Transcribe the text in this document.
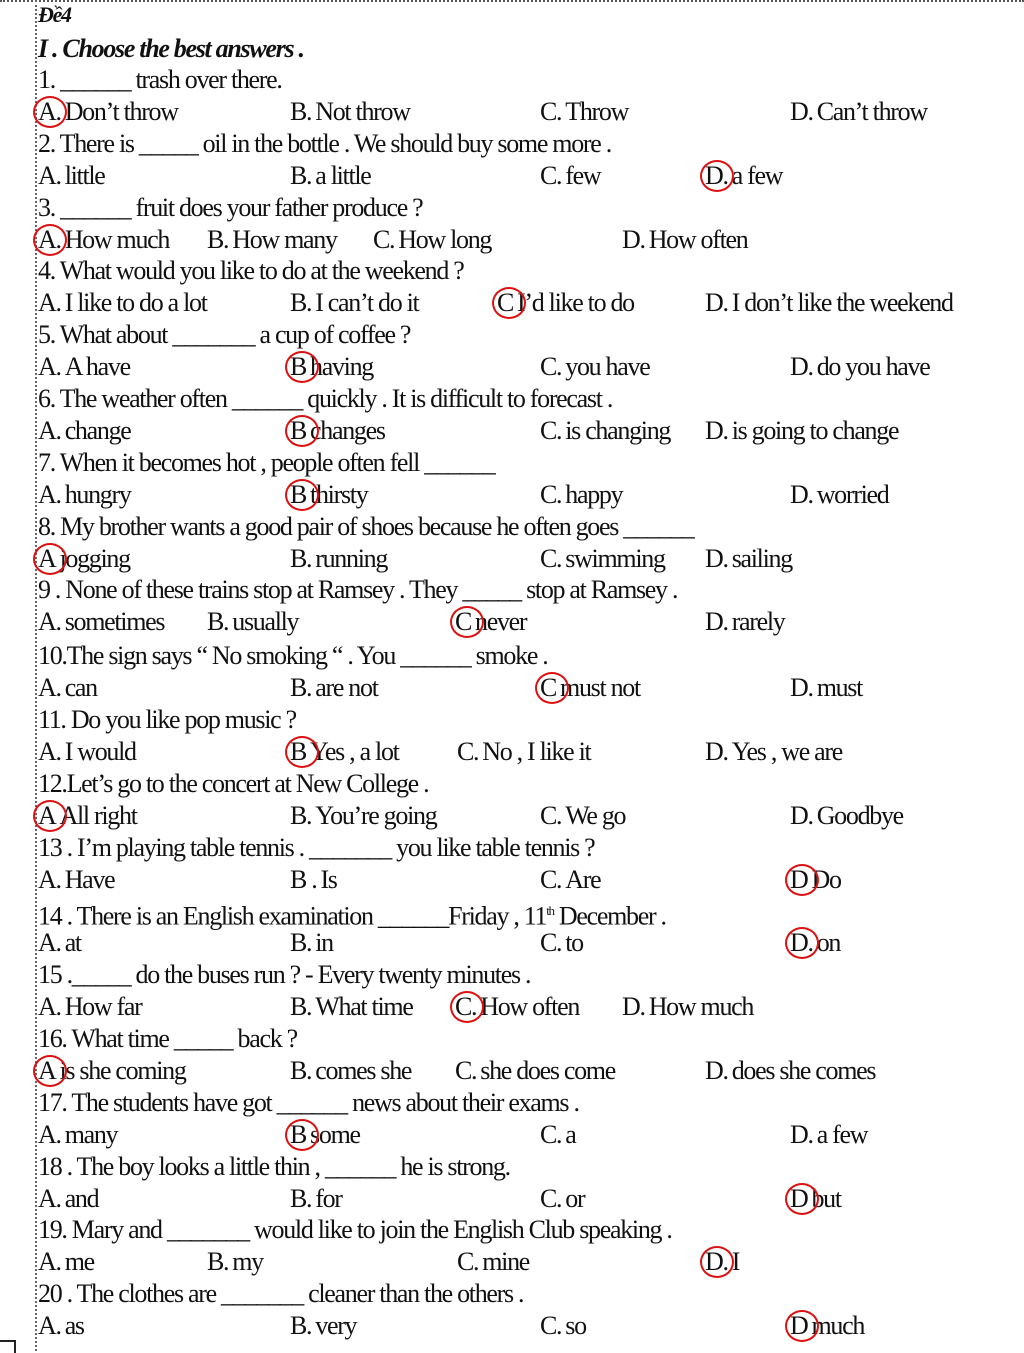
Đề4
I . Choose the best answers .
1. ______ trash over there.
A. Don’t throw	B. Not throw	C. Throw	D. Can’t throw
2. There is _____ oil in the bottle . We should buy some more .
A. little	B. a little	C. few	D. a few
3. ______ fruit does your father produce ?
A. How much B. How many C. How long	D. How often
4. What would you like to do at the weekend ?
A. I like to do a lot	B. I can’t do it	C I’d like to do	D. I don’t like the weekend
5. What about _______ a cup of coffee ?
A. A have	B having	C. you have	D. do you have
6. The weather often ______ quickly . It is difficult to forecast .
A. change	B changes	C. is changing D. is going to change
7. When it becomes hot , people often fell ______
A. hungry	B thirsty	C. happy	D. worried
8. My brother wants a good pair of shoes because he often goes ______
A jogging	B. running	C. swimming D. sailing
9 . None of these trains stop at Ramsey . They _____ stop at Ramsey .
A. sometimes B. usually	C never	D. rarely
10.The sign says “ No smoking “ . You ______ smoke .
A. can	B. are not	C must not	D. must
11. Do you like pop music ?
A. I would	B Yes , a lot C. No , I like it	D. Yes , we are
12.Let’s go to the concert at New College .
A All right	B. You’re going	C. We go	D. Goodbye
13 . I’m playing table tennis . _______ you like table tennis ?
A. Have	B . Is	C. Are	D Do
14 . There is an English examination ______Friday , 11th December .
A. at	B. in	C. to	D. on
15 ._____ do the buses run ? - Every twenty minutes .
A. How far	B. What time C. How often D. How much
16. What time _____ back ?
A is she coming	B. comes she C. she does come	D. does she comes
17. The students have got ______ news about their exams .
A. many	B some	C. a	D. a few
18 . The boy looks a little thin , ______ he is strong.
A. and	B. for	C. or	D but
19. Mary and _______ would like to join the English Club speaking .
A. me	B. my	C. mine	D. I
20 . The clothes are _______ cleaner than the others .
A. as	B. very	C. so	D much
